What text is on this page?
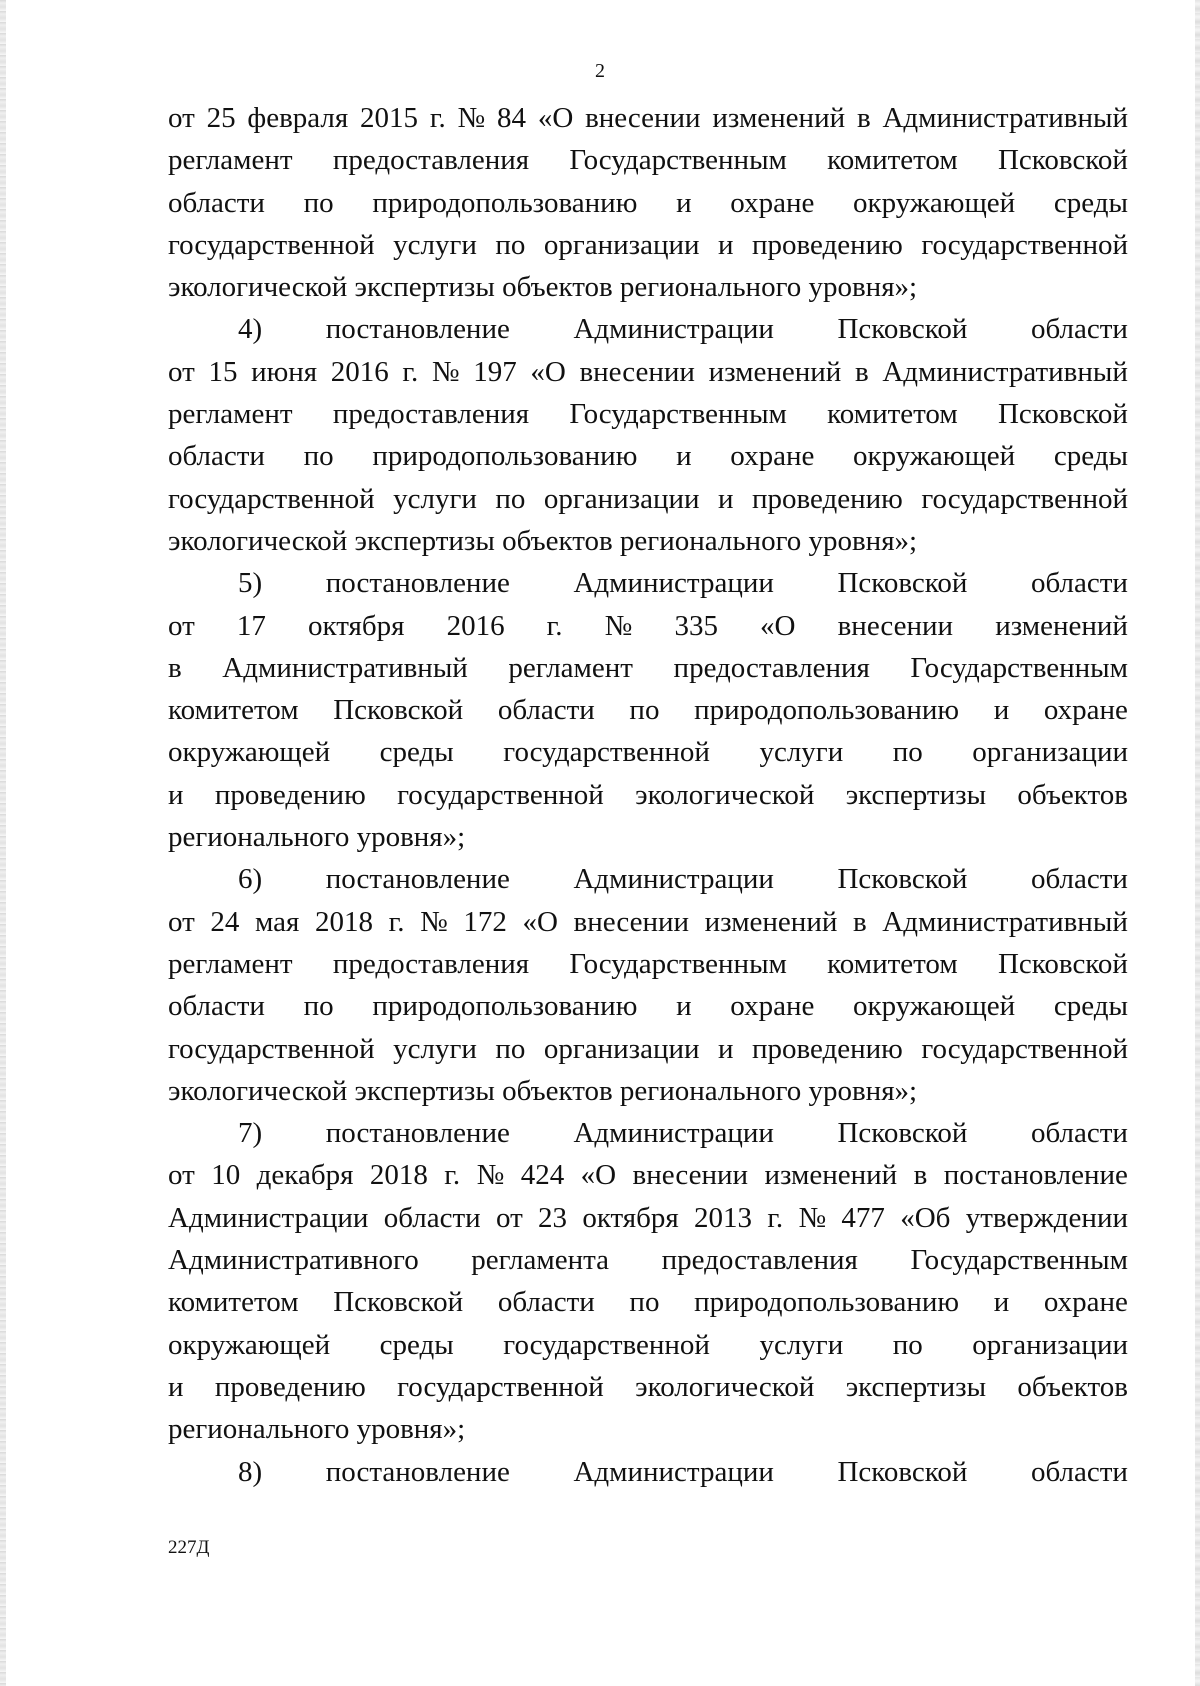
2
от 25 февраля 2015 г. № 84 «О внесении изменений в Административный
регламент предоставления Государственным комитетом Псковской
области по природопользованию и охране окружающей среды
государственной услуги по организации и проведению государственной
экологической экспертизы объектов регионального уровня»;
4) постановление Администрации Псковской области
от 15 июня 2016 г. № 197 «О внесении изменений в Административный
регламент предоставления Государственным комитетом Псковской
области по природопользованию и охране окружающей среды
государственной услуги по организации и проведению государственной
экологической экспертизы объектов регионального уровня»;
5) постановление Администрации Псковской области
от 17 октября 2016 г. № 335 «О внесении изменений
в Административный регламент предоставления Государственным
комитетом Псковской области по природопользованию и охране
окружающей среды государственной услуги по организации
и проведению государственной экологической экспертизы объектов
регионального уровня»;
6) постановление Администрации Псковской области
от 24 мая 2018 г. № 172 «О внесении изменений в Административный
регламент предоставления Государственным комитетом Псковской
области по природопользованию и охране окружающей среды
государственной услуги по организации и проведению государственной
экологической экспертизы объектов регионального уровня»;
7) постановление Администрации Псковской области
от 10 декабря 2018 г. № 424 «О внесении изменений в постановление
Администрации области от 23 октября 2013 г. № 477 «Об утверждении
Административного регламента предоставления Государственным
комитетом Псковской области по природопользованию и охране
окружающей среды государственной услуги по организации
и проведению государственной экологической экспертизы объектов
регионального уровня»;
8) постановление Администрации Псковской области
227Д
